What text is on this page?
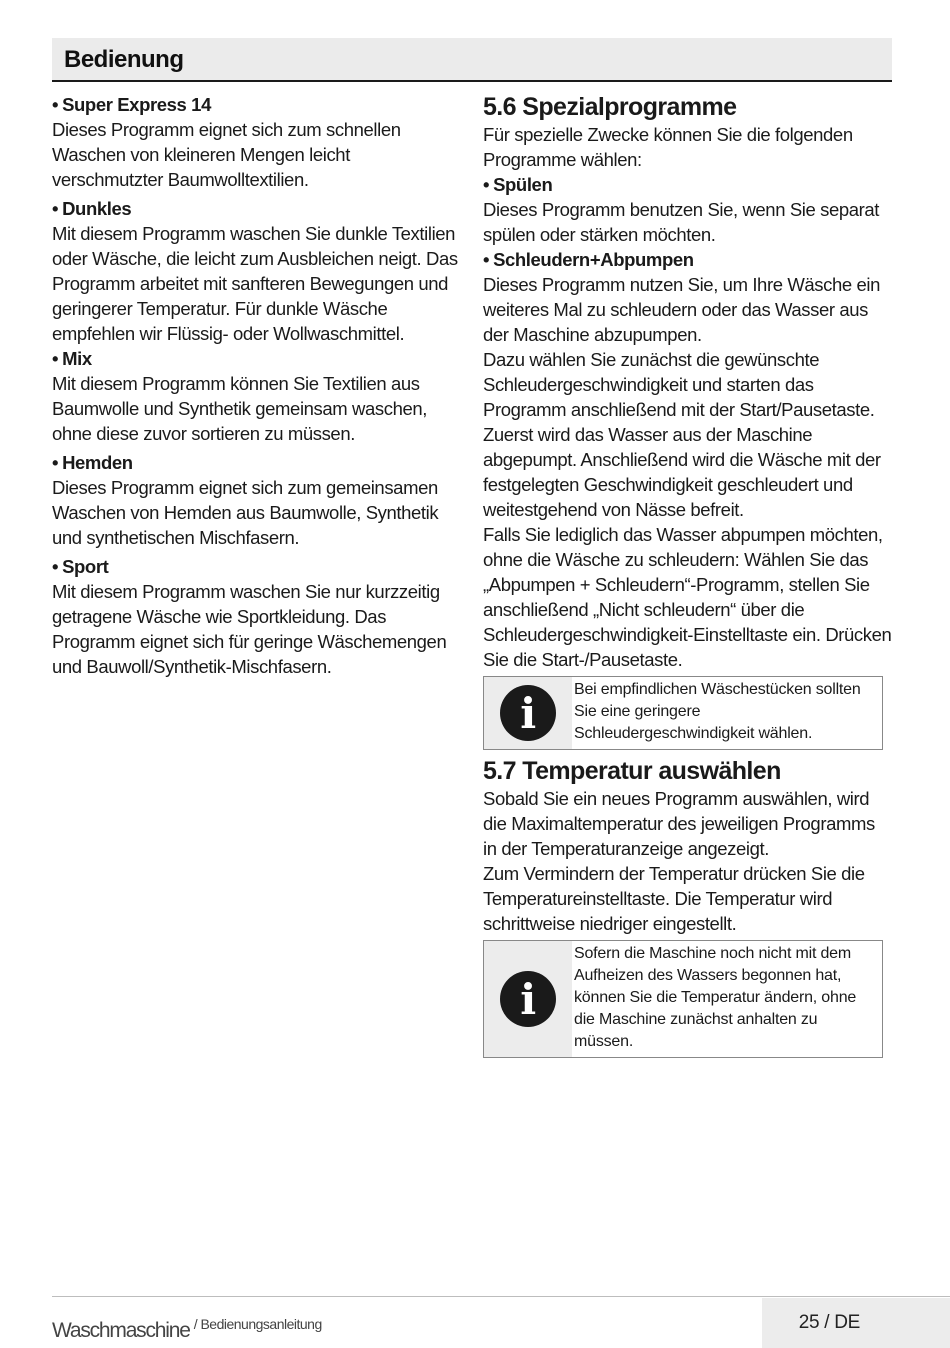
Bedienung
• Super Express 14

Dieses Programm eignet sich zum schnellen Waschen von kleineren Mengen leicht verschmutzter Baumwolltextilien.

• Dunkles

Mit diesem Programm waschen Sie dunkle Textilien oder Wäsche, die leicht zum Ausbleichen neigt. Das Programm arbeitet mit sanfteren Bewegungen und geringerer Temperatur. Für dunkle Wäsche empfehlen wir Flüssig- oder Wollwaschmittel.

• Mix

Mit diesem Programm können Sie Textilien aus Baumwolle und Synthetik gemeinsam waschen, ohne diese zuvor sortieren zu müssen.

• Hemden

Dieses Programm eignet sich zum gemeinsamen Waschen von Hemden aus Baumwolle, Synthetik und synthetischen Mischfasern.

• Sport

Mit diesem Programm waschen Sie nur kurzzeitig getragene Wäsche wie Sportkleidung. Das Programm eignet sich für geringe Wäschemengen und Bauwoll/Synthetik-Mischfasern.

5.6 Spezialprogramme

Für spezielle Zwecke können Sie die folgenden Programme wählen:

• Spülen

Dieses Programm benutzen Sie, wenn Sie separat spülen oder stärken möchten.

• Schleudern+Abpumpen

Dieses Programm nutzen Sie, um Ihre Wäsche ein weiteres Mal zu schleudern oder das Wasser aus der Maschine abzupumpen.

Dazu wählen Sie zunächst die gewünschte Schleudergeschwindigkeit und starten das Programm anschließend mit der Start/Pausetaste. Zuerst wird das Wasser aus der Maschine abgepumpt. Anschließend wird die Wäsche mit der festgelegten Geschwindigkeit geschleudert und weitestgehend von Nässe befreit.

Falls Sie lediglich das Wasser abpumpen möchten, ohne die Wäsche zu schleudern: Wählen Sie das „Abpumpen + Schleudern“-Programm, stellen Sie anschließend „Nicht schleudern“ über die Schleudergeschwindigkeit-Einstelltaste ein. Drücken Sie die Start-/Pausetaste.

i	Bei empfindlichen Wäschestücken sollten Sie eine geringere Schleudergeschwindigkeit wählen.
5.7 Temperatur auswählen

Sobald Sie ein neues Programm auswählen, wird die Maximaltemperatur des jeweiligen Programms in der Temperaturanzeige angezeigt.

Zum Vermindern der Temperatur drücken Sie die Temperatureinstelltaste. Die Temperatur wird schrittweise niedriger eingestellt.

i
Sofern die Maschine noch nicht mit dem Aufheizen des Wassers begonnen hat, können Sie die Temperatur ändern, ohne die Maschine zunächst anhalten zu müssen.
Waschmaschine $^{/ Bedienungsanleitung}$	25 / DE
